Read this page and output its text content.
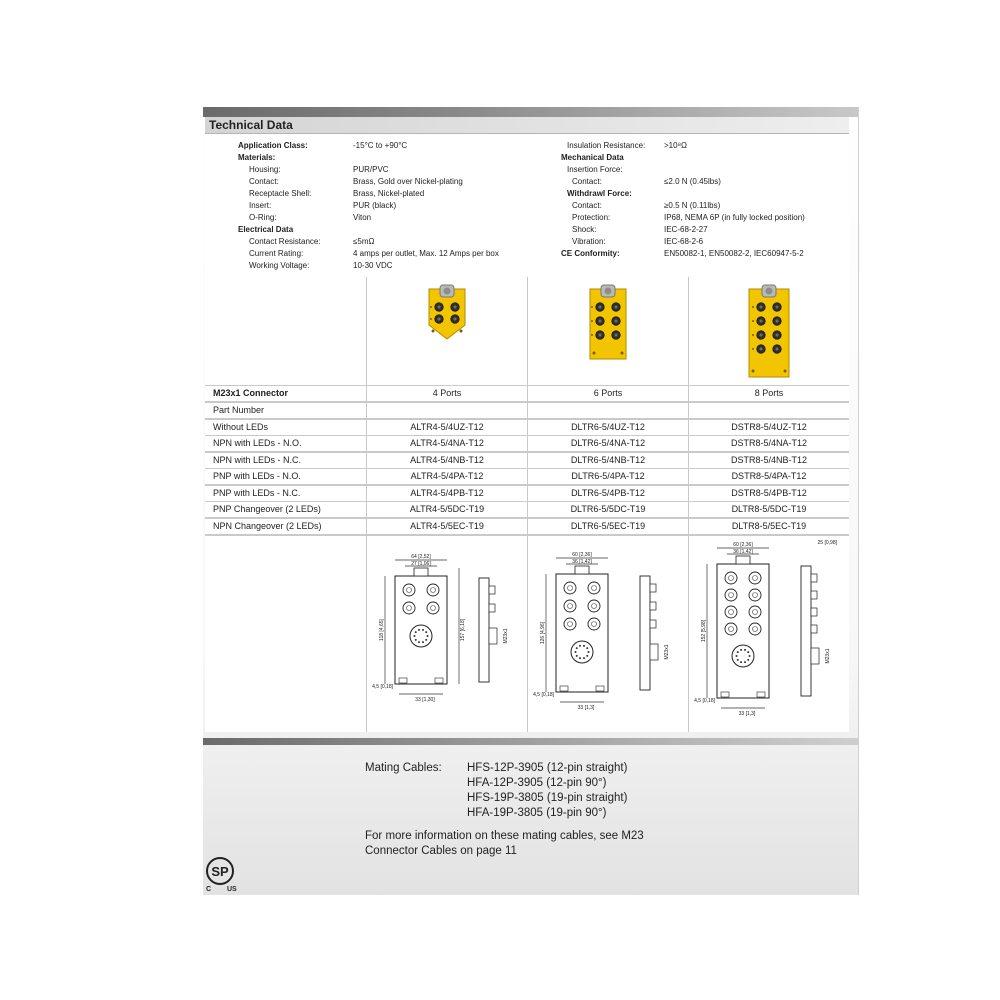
Technical Data
Application Class:	-15°C to +90°C
Materials:
Housing:	PUR/PVC
Contact:	Brass, Gold over Nickel-plating
Receptacle Shell:	Brass, Nickel-plated
Insert:	PUR (black)
O-Ring:	Viton
Electrical Data
Contact Resistance:	≤5mΩ
Current Rating:	4 amps per outlet, Max. 12 Amps per box
Working Voltage:	10-30 VDC
Insulation Resistance: >10⁸Ω
Mechanical Data
Insertion Force:
Contact:	≤2.0 N (0.45lbs)
Withdrawl Force:
Contact:	≥0.5 N (0.11lbs)
Protection:	IP68, NEMA 6P (in fully locked position)
Shock:	IEC-68-2-27
Vibration:	IEC-68-2-6
CE Conformity:	EN50082-1, EN50082-2, IEC60947-5-2
M23x1 Connector	4 Ports	6 Ports	8 Ports
Part Number
Without LEDs	ALTR4-5/4UZ-T12	DLTR6-5/4UZ-T12	DSTR8-5/4UZ-T12
NPN with LEDs - N.O.	ALTR4-5/4NA-T12	DLTR6-5/4NA-T12	DSTR8-5/4NA-T12
NPN with LEDs - N.C.	ALTR4-5/4NB-T12	DLTR6-5/4NB-T12	DSTR8-5/4NB-T12
PNP with LEDs - N.O.	ALTR4-5/4PA-T12	DLTR6-5/4PA-T12	DSTR8-5/4PA-T12
PNP with LEDs - N.C.	ALTR4-5/4PB-T12	DLTR6-5/4PB-T12	DSTR8-5/4PB-T12
PNP Changeover (2 LEDs)	ALTR4-5/5DC-T19	DLTR6-5/5DC-T19	DLTR8-5/5DC-T19
NPN Changeover (2 LEDs)	ALTR4-5/5EC-T19	DLTR6-5/5EC-T19	DLTR8-5/5EC-T19
64 [2,52]
27 [1,06]
118 [4,65]	157 [6,18]
33 [1,30]
4,5 [0,18]
M23x1
60 [2,36]
36 [1,42]
126 [4,96]
33 [1,3]
4,5 [0,18]
M23x1
60 [2,36]
36 [1,42]
152 [5,98]
25 [0,98]
33 [1,3]
4,5 [0,18]
M23x1
Mating Cables: HFS-12P-3905 (12-pin straight)
HFA-12P-3905 (12-pin 90°)
HFS-19P-3805 (19-pin straight)
HFA-19P-3805 (19-pin 90°)
For more information on these mating cables, see M23
Connector Cables on page 11
SP
C US
